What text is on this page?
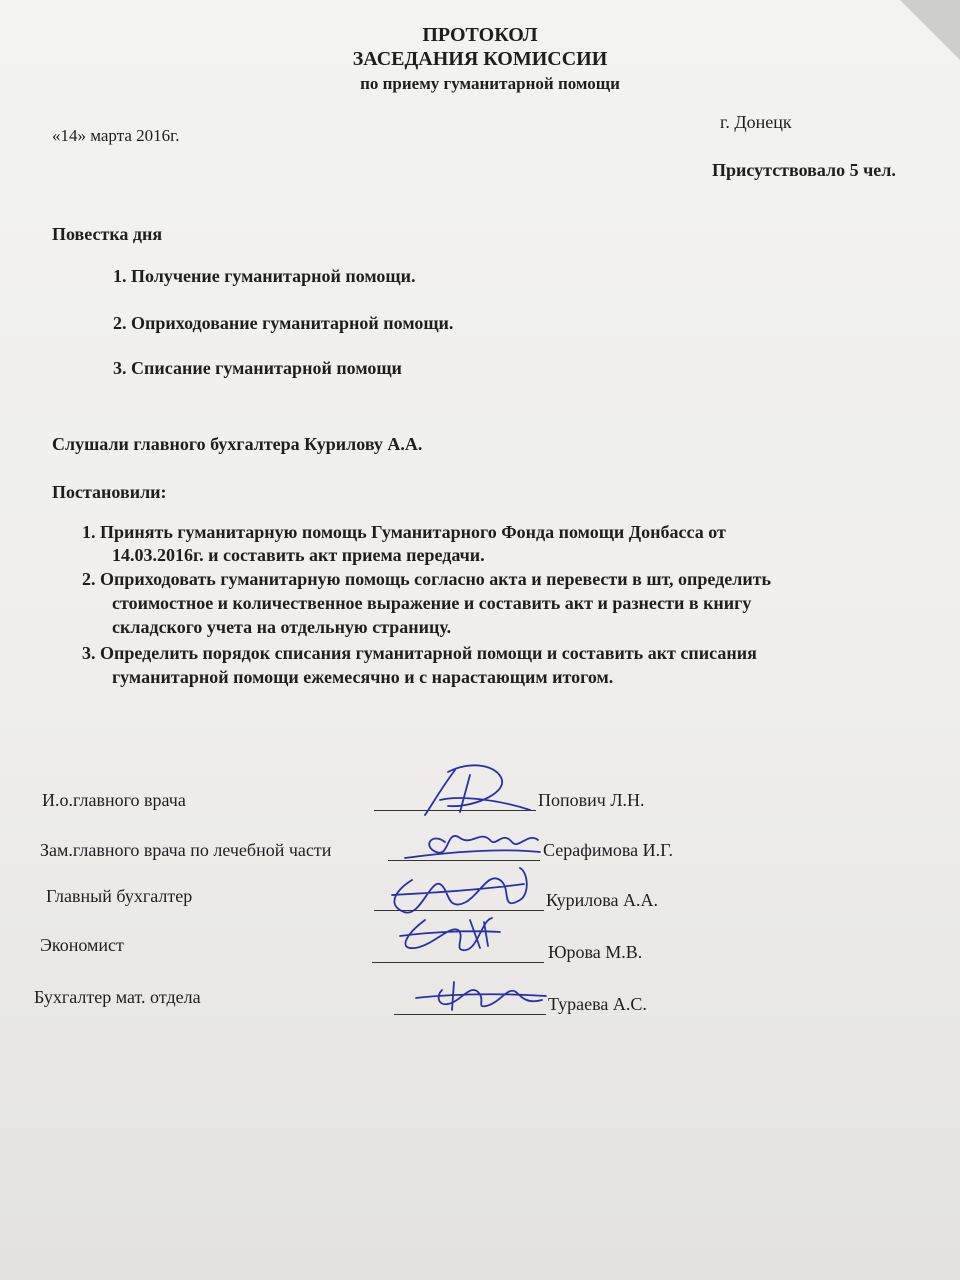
ПРОТОКОЛ
ЗАСЕДАНИЯ КОМИССИИ
по приему гуманитарной помощи
«14» марта 2016г.
г. Донецк
Присутствовало 5 чел.
Повестка дня
1. Получение гуманитарной помощи.
2. Оприходование гуманитарной помощи.
3. Списание гуманитарной помощи
Слушали главного бухгалтера Курилову А.А.
Постановили:
1. Принять гуманитарную помощь Гуманитарного Фонда помощи Донбасса от
14.03.2016г. и составить акт приема передачи.
2. Оприходовать гуманитарную помощь согласно акта и перевести в шт, определить
стоимостное и количественное выражение и составить акт и разнести в книгу
складского учета на отдельную страницу.
3. Определить порядок списания гуманитарной помощи и составить акт списания
гуманитарной помощи ежемесячно и с нарастающим итогом.
И.о.главного врача	Попович Л.Н.
Зам.главного врача по лечебной части	Серафимова И.Г.
Главный бухгалтер	Курилова А.А.
Экономист	Юрова М.В.
Бухгалтер мат. отдела	Тураева А.С.
